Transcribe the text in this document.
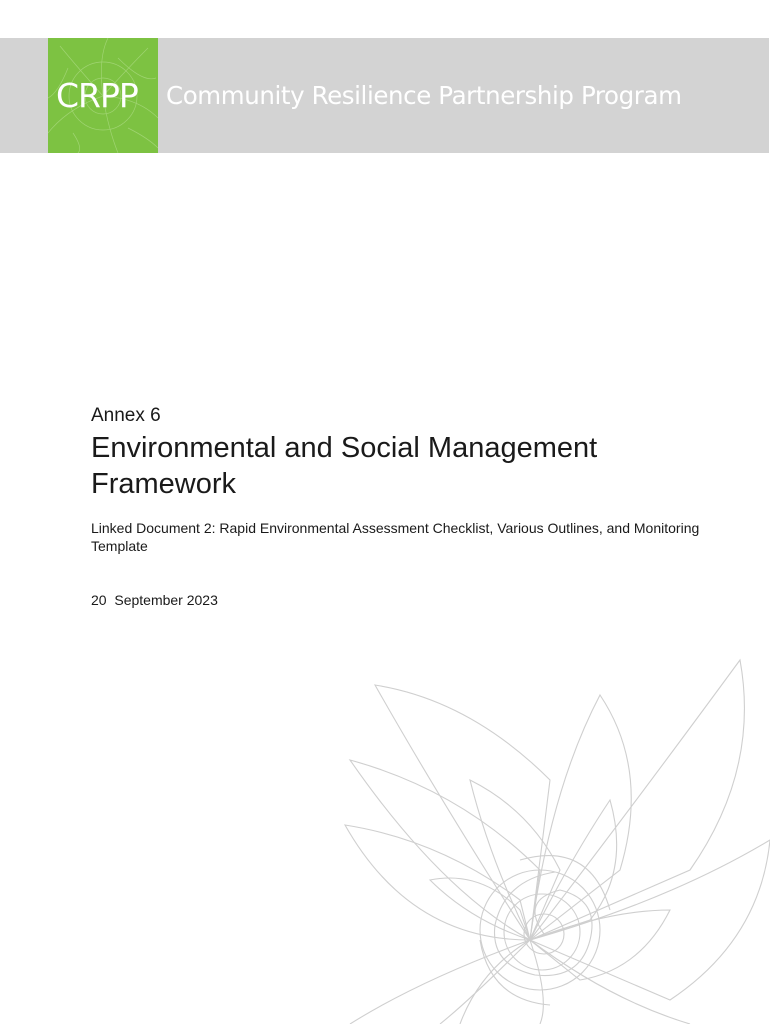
CRPP Community Resilience Partnership Program
Annex 6
Environmental and Social Management Framework
Linked Document 2: Rapid Environmental Assessment Checklist, Various Outlines, and Monitoring Template
20  September 2023
